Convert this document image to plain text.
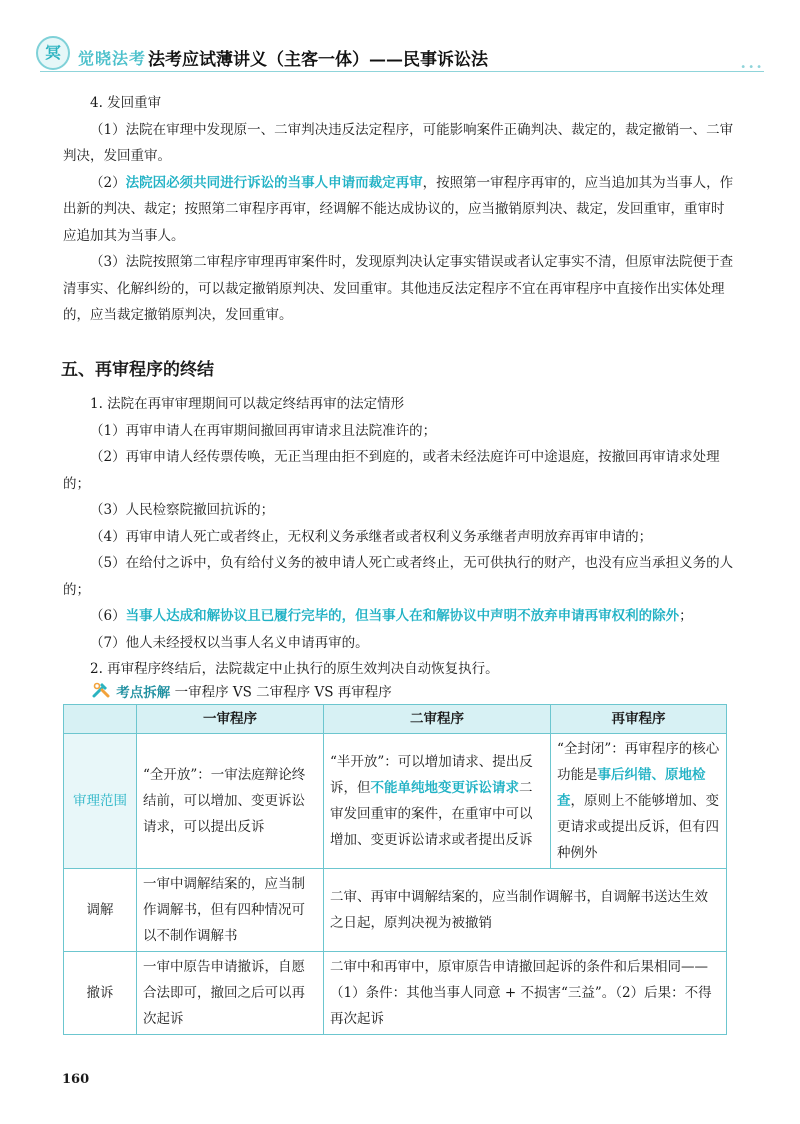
冥	觉晓法考 法考应试薄讲义（主客一体）——民事诉讼法	•••

4. 发回重审

（1）法院在审理中发现原一、二审判决违反法定程序，可能影响案件正确判决、裁定的，裁定撤销一、二审判决，发回重审。

（2）法院因必须共同进行诉讼的当事人申请而裁定再审，按照第一审程序再审的，应当追加其为当事人，作出新的判决、裁定；按照第二审程序再审，经调解不能达成协议的，应当撤销原判决、裁定，发回重审，重审时应追加其为当事人。

（3）法院按照第二审程序审理再审案件时，发现原判决认定事实错误或者认定事实不清，但原审法院便于查清事实、化解纠纷的，可以裁定撤销原判决、发回重审。其他违反法定程序不宜在再审程序中直接作出实体处理的，应当裁定撤销原判决，发回重审。

五、再审程序的终结

1. 法院在再审审理期间可以裁定终结再审的法定情形

（1）再审申请人在再审期间撤回再审请求且法院准许的；

（2）再审申请人经传票传唤，无正当理由拒不到庭的，或者未经法庭许可中途退庭，按撤回再审请求处理的；

（3）人民检察院撤回抗诉的；

（4）再审申请人死亡或者终止，无权利义务承继者或者权利义务承继者声明放弃再审申请的；

（5）在给付之诉中，负有给付义务的被申请人死亡或者终止，无可供执行的财产，也没有应当承担义务的人的；

（6）当事人达成和解协议且已履行完毕的，但当事人在和解协议中声明不放弃申请再审权利的除外；

（7）他人未经授权以当事人名义申请再审的。

2. 再审程序终结后，法院裁定中止执行的原生效判决自动恢复执行。

考点拆解 一审程序 VS 二审程序 VS 再审程序
	一审程序	二审程序	再审程序
审理范围	“全开放”：一审法庭辩论终结前，可以增加、变更诉讼请求，可以提出反诉	“半开放”：可以增加请求、提出反诉，但不能单纯地变更诉讼请求二审发回重审的案件，在重审中可以增加、变更诉讼请求或者提出反诉	“全封闭”：再审程序的核心功能是事后纠错、原地检查，原则上不能够增加、变更请求或提出反诉，但有四种例外
调解	一审中调解结案的，应当制作调解书，但有四种情况可以不制作调解书	二审、再审中调解结案的，应当制作调解书，自调解书送达生效之日起，原判决视为被撤销	
撤诉	一审中原告申请撤诉，自愿合法即可，撤回之后可以再次起诉	二审中和再审中，原审原告申请撤回起诉的条件和后果相同——（1）条件：其他当事人同意 + 不损害“三益”。（2）后果：不得再次起诉	
160
